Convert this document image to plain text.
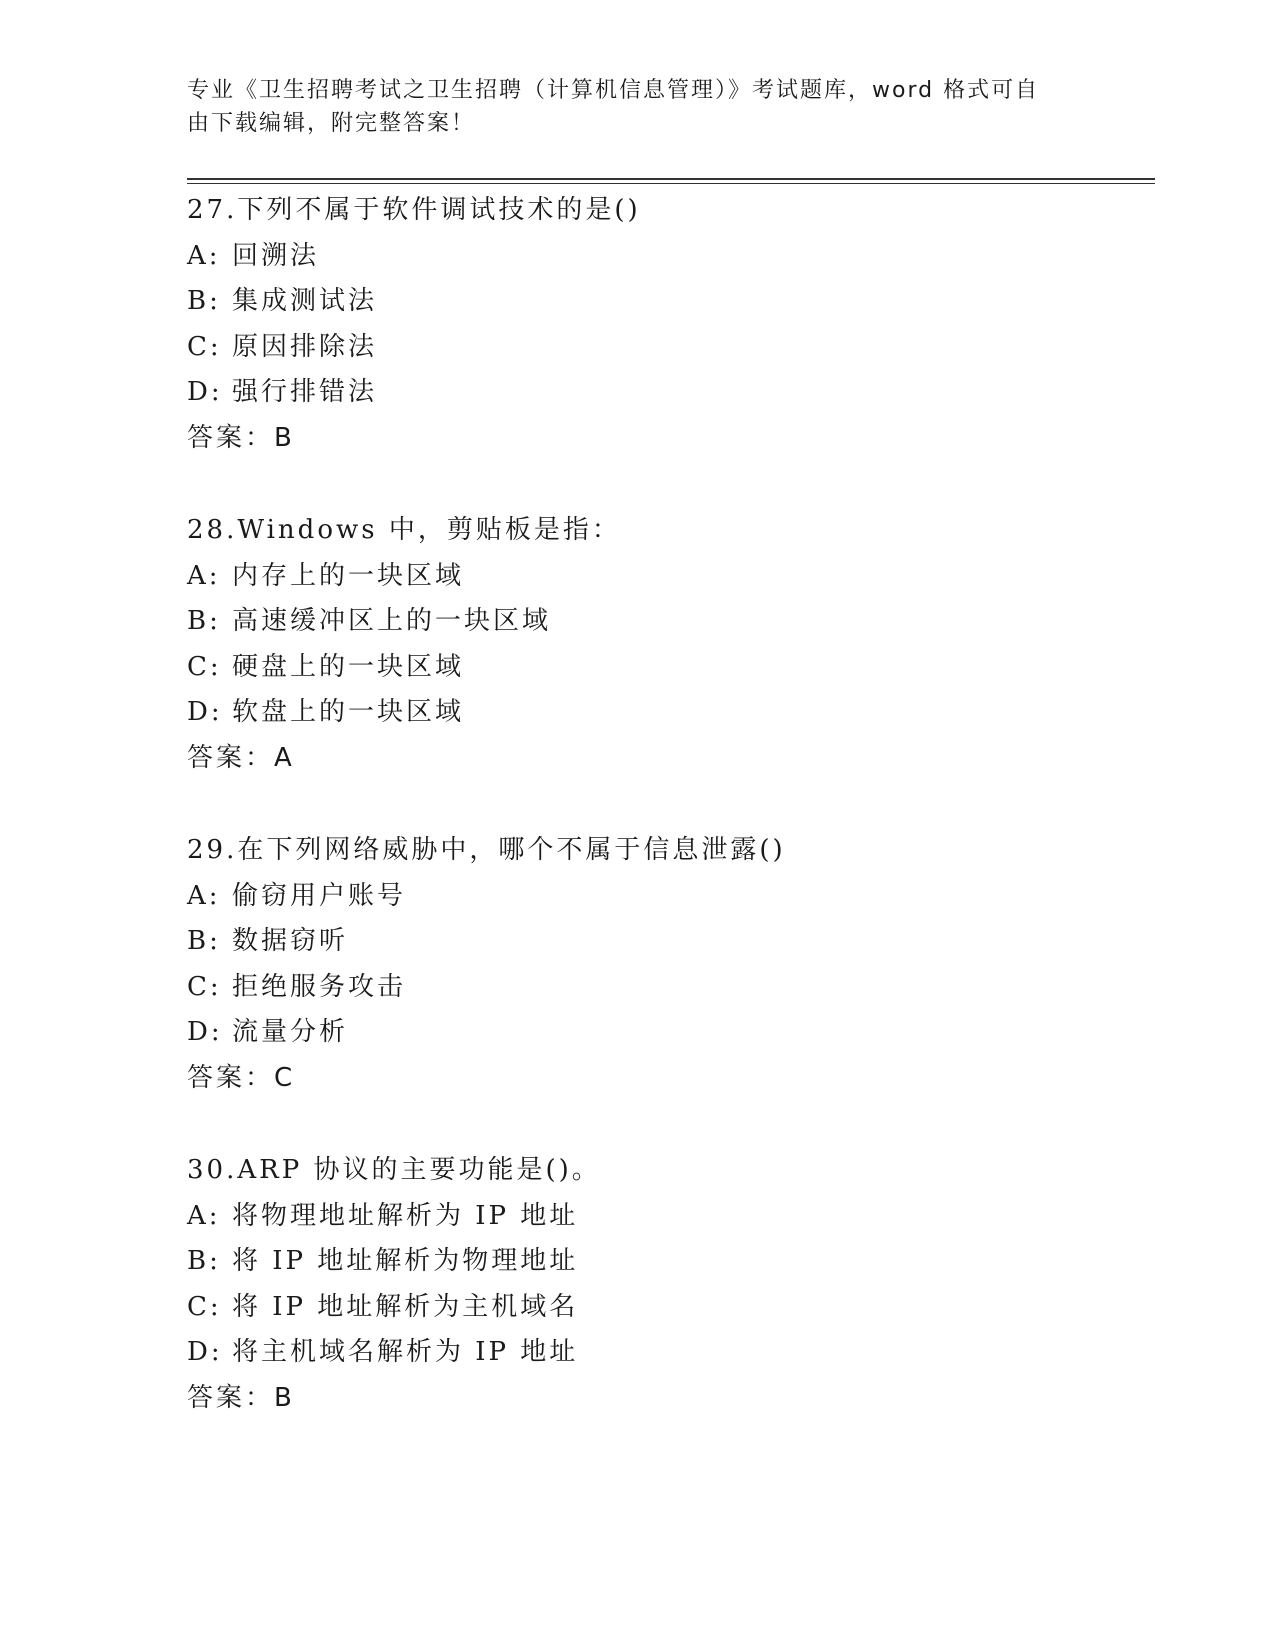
专业《卫生招聘考试之卫生招聘（计算机信息管理）》考试题库，word 格式可自
由下载编辑，附完整答案！
27.下列不属于软件调试技术的是()
A: 回溯法
B: 集成测试法
C: 原因排除法
D: 强行排错法
答案：B
28.Windows 中，剪贴板是指：
A: 内存上的一块区域
B: 高速缓冲区上的一块区域
C: 硬盘上的一块区域
D: 软盘上的一块区域
答案：A
29.在下列网络威胁中，哪个不属于信息泄露()
A: 偷窃用户账号
B: 数据窃听
C: 拒绝服务攻击
D: 流量分析
答案：C
30.ARP 协议的主要功能是()。
A: 将物理地址解析为 IP 地址
B: 将 IP 地址解析为物理地址
C: 将 IP 地址解析为主机域名
D: 将主机域名解析为 IP 地址
答案：B
